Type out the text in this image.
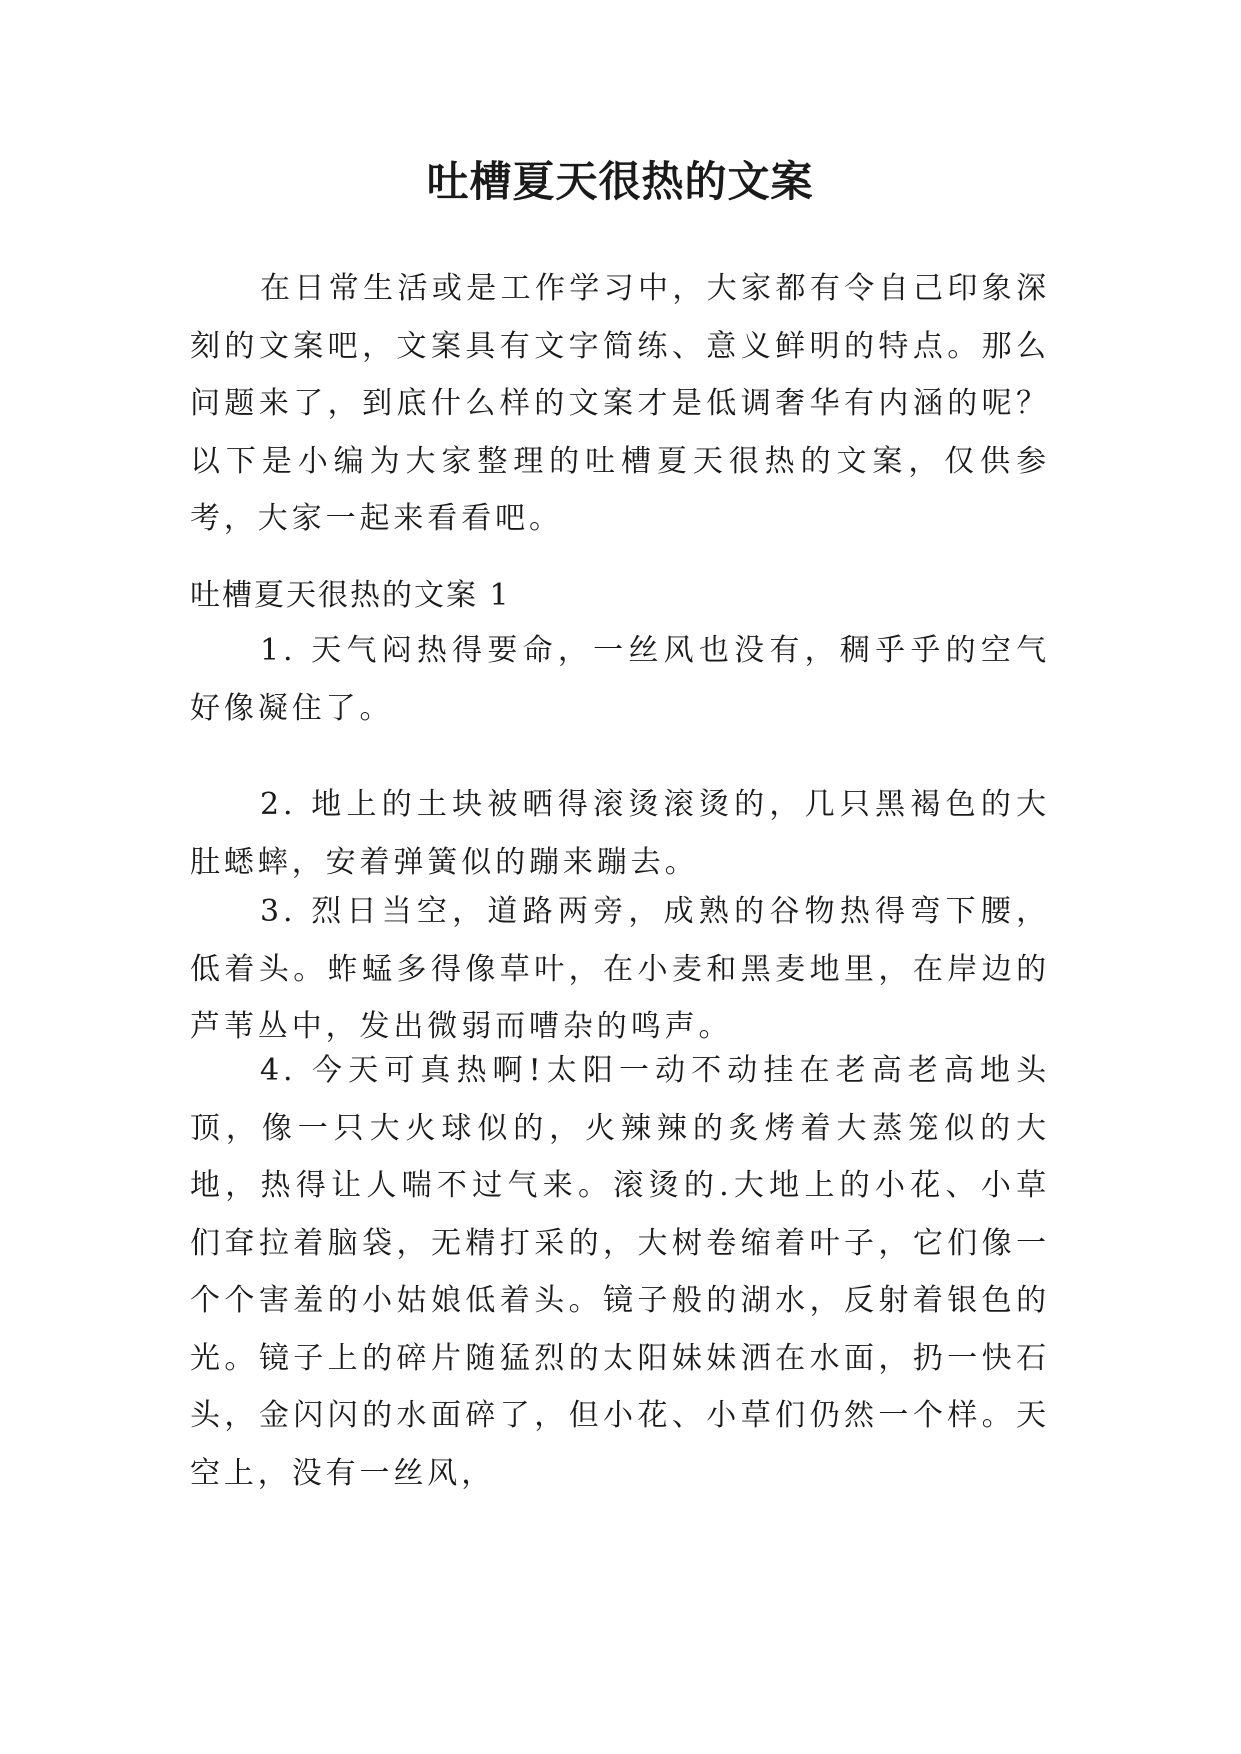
吐槽夏天很热的文案

在日常生活或是工作学习中，大家都有令自己印象深刻的文案吧，文案具有文字简练、意义鲜明的特点。那么问题来了，到底什么样的文案才是低调奢华有内涵的呢？以下是小编为大家整理的吐槽夏天很热的文案，仅供参考，大家一起来看看吧。

吐槽夏天很热的文案 1

1. 天气闷热得要命，一丝风也没有，稠乎乎的空气好像凝住了。

2. 地上的土块被晒得滚烫滚烫的，几只黑褐色的大肚蟋蟀，安着弹簧似的蹦来蹦去。

3. 烈日当空，道路两旁，成熟的谷物热得弯下腰，低着头。蚱蜢多得像草叶，在小麦和黑麦地里，在岸边的芦苇丛中，发出微弱而嘈杂的鸣声。

4. 今天可真热啊!太阳一动不动挂在老高老高地头顶，像一只大火球似的，火辣辣的炙烤着大蒸笼似的大地，热得让人喘不过气来。滚烫的.大地上的小花、小草们耷拉着脑袋，无精打采的，大树卷缩着叶子，它们像一个个害羞的小姑娘低着头。镜子般的湖水，反射着银色的光。镜子上的碎片随猛烈的太阳妹妹洒在水面，扔一快石头，金闪闪的水面碎了，但小花、小草们仍然一个样。天空上，没有一丝风，
